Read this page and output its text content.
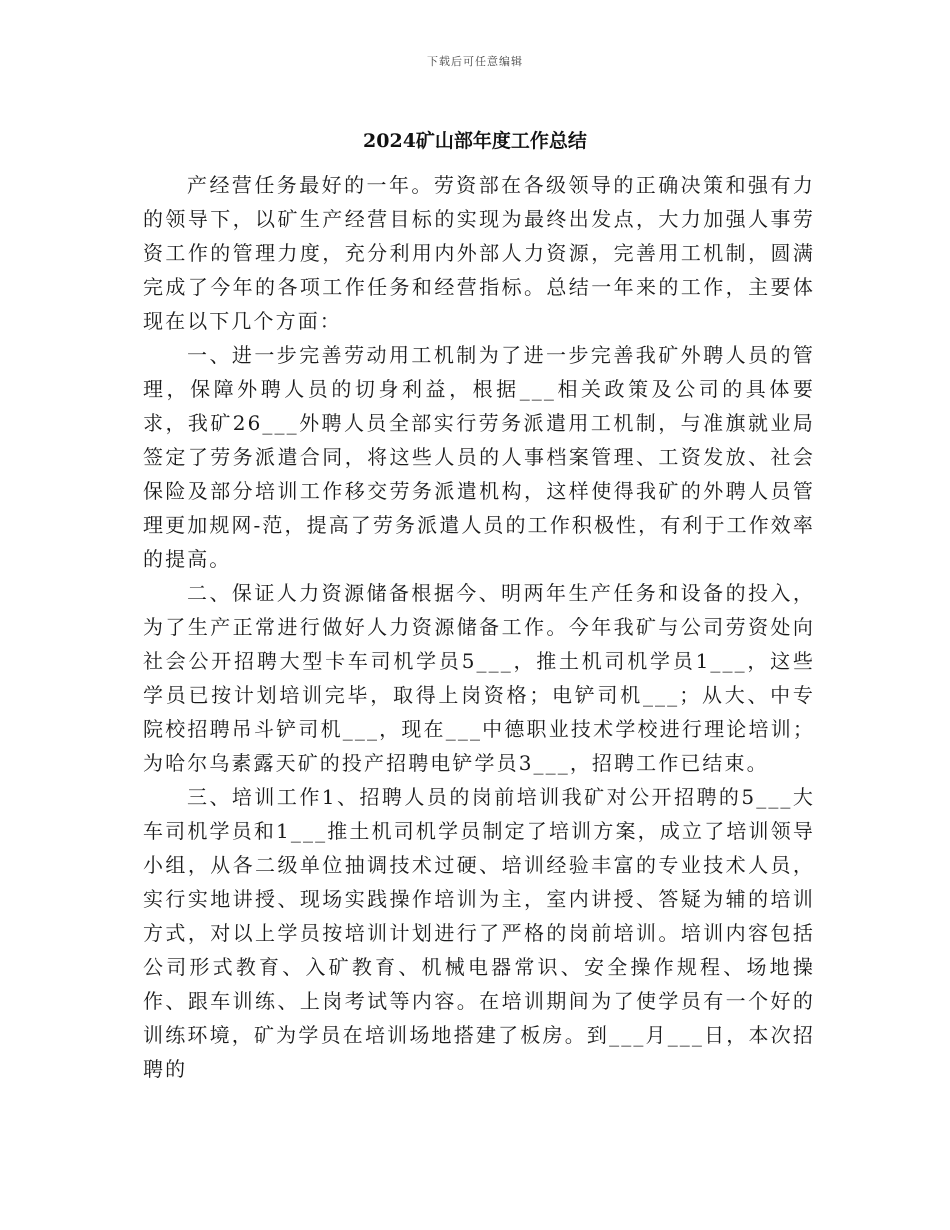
下载后可任意编辑
2024矿山部年度工作总结

产经营任务最好的一年。劳资部在各级领导的正确决策和强有力的领导下，以矿生产经营目标的实现为最终出发点，大力加强人事劳资工作的管理力度，充分利用内外部人力资源，完善用工机制，圆满完成了今年的各项工作任务和经营指标。总结一年来的工作，主要体现在以下几个方面：

一、进一步完善劳动用工机制为了进一步完善我矿外聘人员的管理，保障外聘人员的切身利益，根据___相关政策及公司的具体要求，我矿26___外聘人员全部实行劳务派遣用工机制，与准旗就业局签定了劳务派遣合同，将这些人员的人事档案管理、工资发放、社会保险及部分培训工作移交劳务派遣机构，这样使得我矿的外聘人员管理更加规网-范，提高了劳务派遣人员的工作积极性，有利于工作效率的提高。

二、保证人力资源储备根据今、明两年生产任务和设备的投入，为了生产正常进行做好人力资源储备工作。今年我矿与公司劳资处向社会公开招聘大型卡车司机学员5___，推土机司机学员1___，这些学员已按计划培训完毕，取得上岗资格；电铲司机___；从大、中专院校招聘吊斗铲司机___，现在___中德职业技术学校进行理论培训；为哈尔乌素露天矿的投产招聘电铲学员3___，招聘工作已结束。

三、培训工作1、招聘人员的岗前培训我矿对公开招聘的5___大车司机学员和1___推土机司机学员制定了培训方案，成立了培训领导小组，从各二级单位抽调技术过硬、培训经验丰富的专业技术人员，实行实地讲授、现场实践操作培训为主，室内讲授、答疑为辅的培训方式，对以上学员按培训计划进行了严格的岗前培训。培训内容包括公司形式教育、入矿教育、机械电器常识、安全操作规程、场地操作、跟车训练、上岗考试等内容。在培训期间为了使学员有一个好的训练环境，矿为学员在培训场地搭建了板房。到___月___日，本次招聘的
